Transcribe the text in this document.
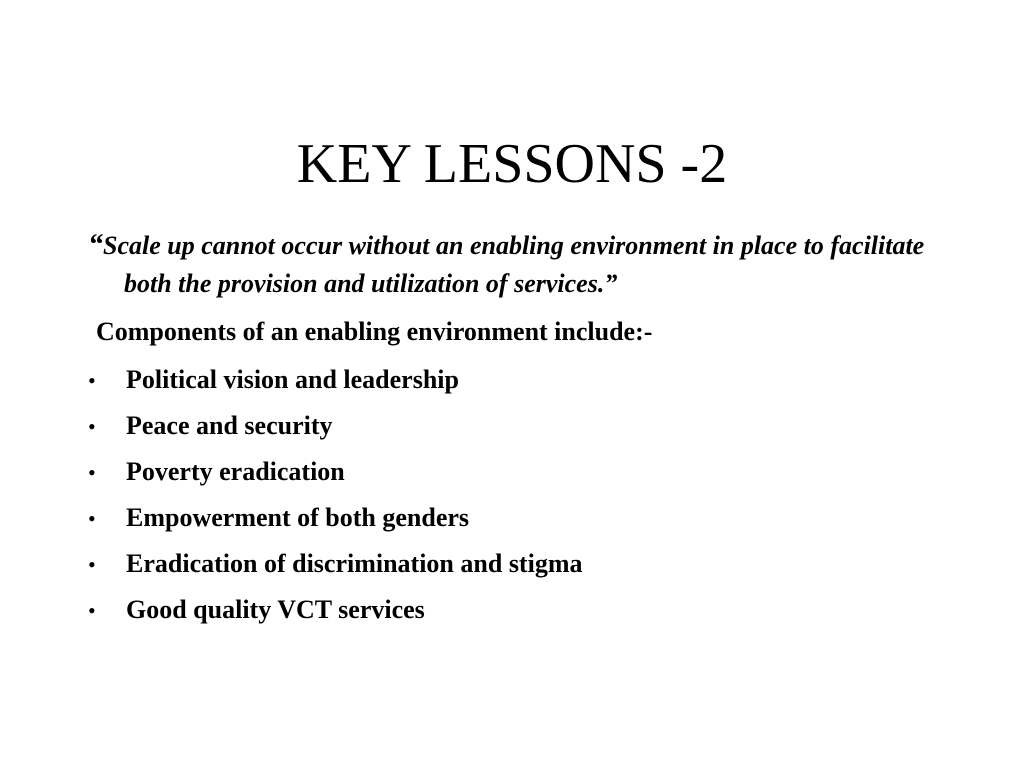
KEY LESSONS -2

“Scale up cannot occur without an enabling environment in place to facilitate both the provision and utilization of services.”

Components of an enabling environment include:-

•	Political vision and leadership
•	Peace and security
•	Poverty eradication
•	Empowerment of both genders
•	Eradication of discrimination and stigma
•	Good quality VCT services
